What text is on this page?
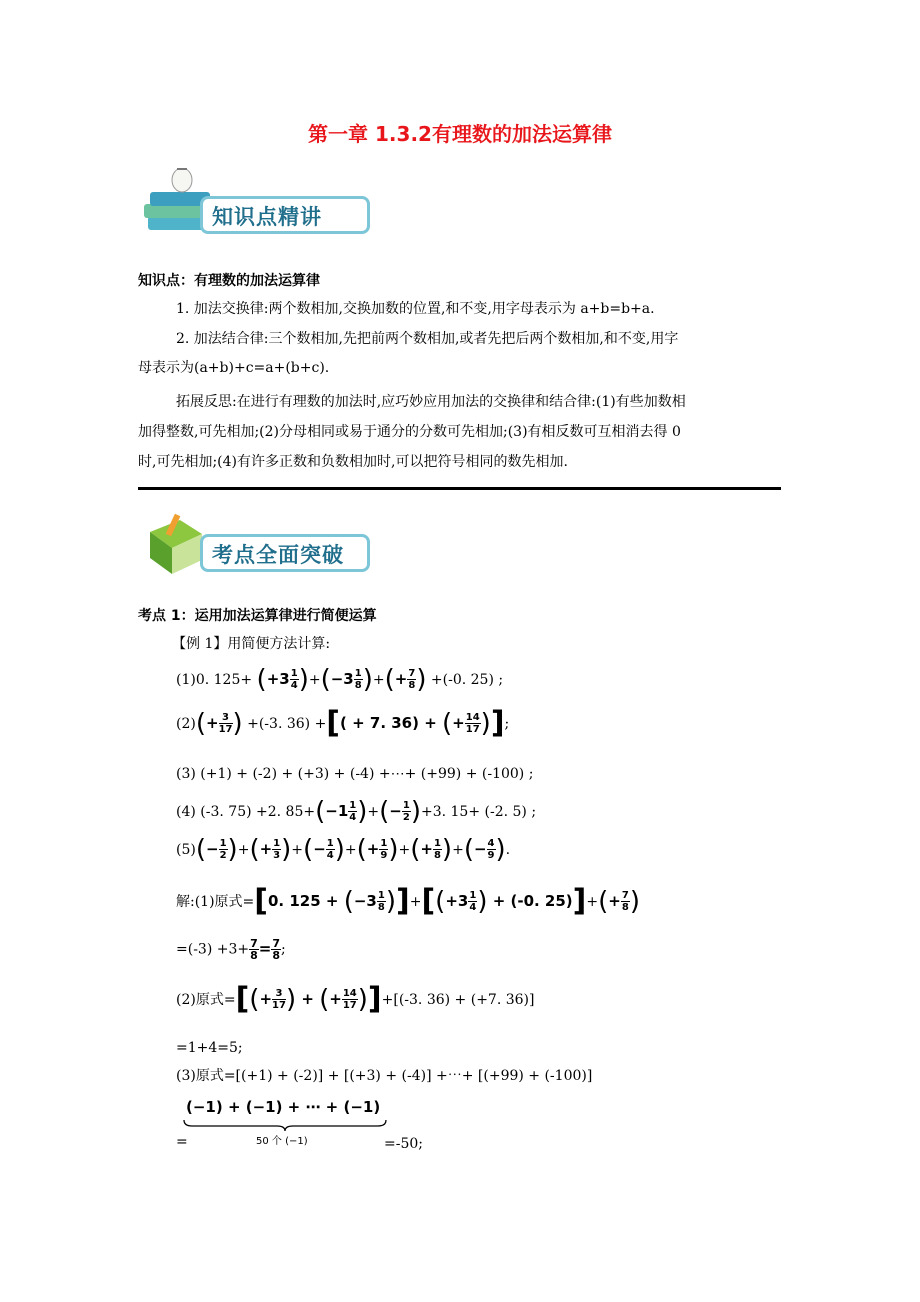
第一章 1.3.2有理数的加法运算律
知识点精讲
知识点：有理数的加法运算律
1. 加法交换律:两个数相加,交换加数的位置,和不变,用字母表示为 a+b=b+a.
2. 加法结合律:三个数相加,先把前两个数相加,或者先把后两个数相加,和不变,用字
母表示为(a+b)+c=a+(b+c).
拓展反思:在进行有理数的加法时,应巧妙应用加法的交换律和结合律:(1)有些加数相
加得整数,可先相加;(2)分母相同或易于通分的分数可先相加;(3)有相反数可互相消去得 0
时,可先相加;(4)有许多正数和负数相加时,可以把符号相同的数先相加.
考点全面突破
考点 1：运用加法运算律进行简便运算
【例 1】用简便方法计算:
(1)0. $125+ (+3 \frac{1}{4} )+(-3 \frac{1}{8}$ )+(+ $\frac{7}{8}$ ) +(-0. 25) ;
$(2)(+ \frac{3}{17}$ ) +(-3. 36) +[( + 7. 36) + (+ $\frac{14}{17}$ )];
(3) (+1) + (-2) + (+3) + (-4) +⋯+ (+99) + (-100) ;
(4) (-3. 75) +2. $85+(-1 \frac{1}{4}$ )+(− $\frac{1}{2} )+3$. 15+ (-2. 5) ;
$(5)(- \frac{1}{2}$ )+(+ $\frac{1}{3}$ )+(− $\frac{1}{4}$ )+(+ $\frac{1}{9}$ )+(+ $\frac{1}{8}$ )+(− $\frac{4}{9}$ ).
解:(1)原式=[0. $125 + (-3 \frac{1}{8} )]+[(+3 \frac{1}{4}$ ) + (-0. $25)]+(+ \frac{7}{8}$ )
$=(-3) +3+ \frac{7}{8} = \frac{7}{8}$ ;
(2)原式=[(+ $\frac{3}{17}$ ) + (+ $\frac{14}{17} )]+[(-3$. 36) + (+7. 36)]
=1+4=5;
(3)原式=[(+1) + (-2)] + [(+3) + (-4)] +⋯+ [(+99) + (-100)]
(−1) + (−1) + ⋯ + (−1)
50 个 (−1)
=	=-50;
